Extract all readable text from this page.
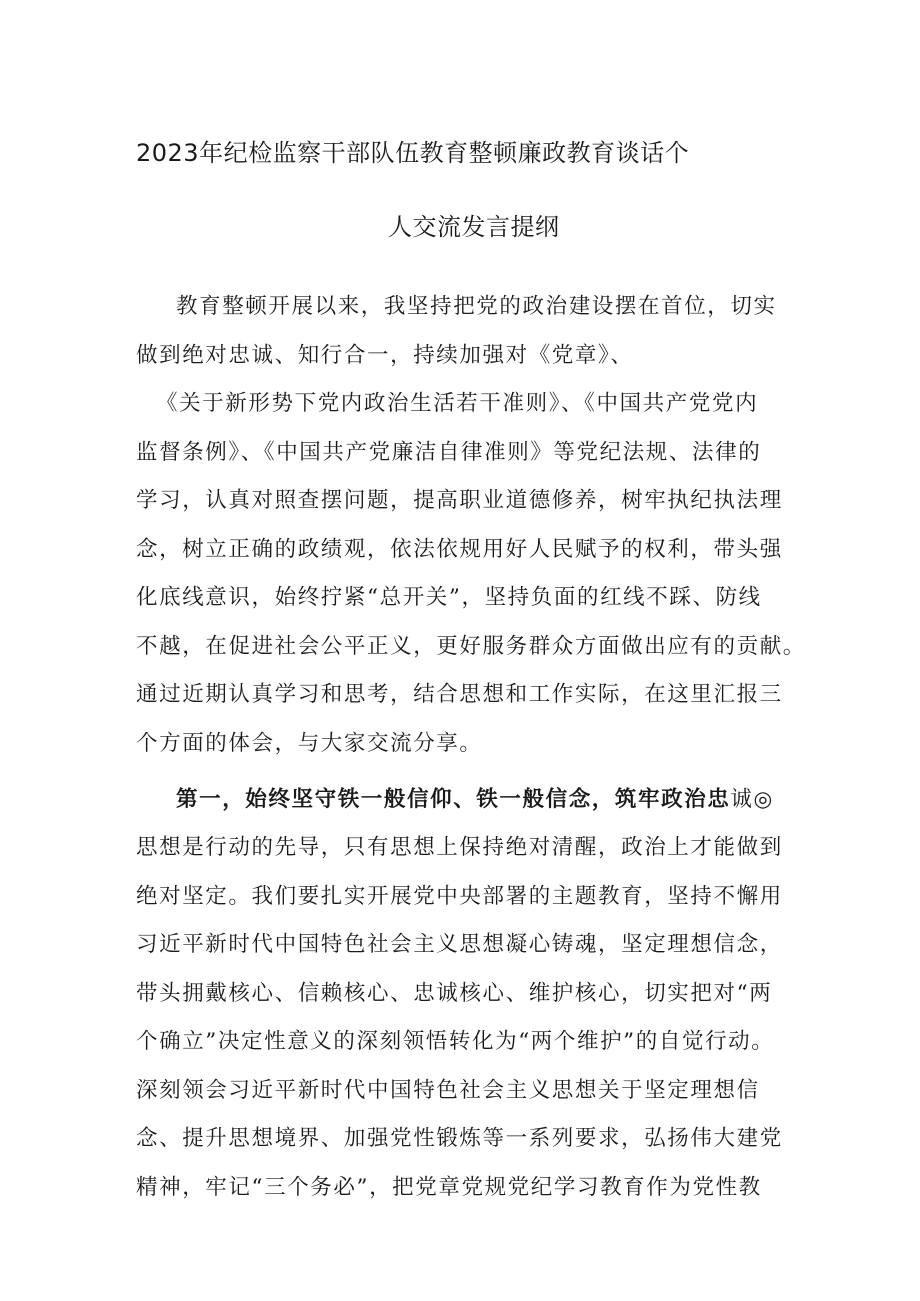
2023年纪检监察干部队伍教育整顿廉政教育谈话个
人交流发言提纲
教育整顿开展以来，我坚持把党的政治建设摆在首位，切实
做到绝对忠诚、知行合一，持续加强对《党章》、
《关于新形势下党内政治生活若干准则》、《中国共产党党内
监督条例》、《中国共产党廉洁自律准则》等党纪法规、法律的
学习，认真对照查摆问题，提高职业道德修养，树牢执纪执法理
念，树立正确的政绩观，依法依规用好人民赋予的权利，带头强
化底线意识，始终拧紧“总开关”，坚持负面的红线不踩、防线
不越，在促进社会公平正义，更好服务群众方面做出应有的贡献。
通过近期认真学习和思考，结合思想和工作实际，在这里汇报三
个方面的体会，与大家交流分享。
第一，始终坚守铁一般信仰、铁一般信念，筑牢政治忠诚◎
思想是行动的先导，只有思想上保持绝对清醒，政治上才能做到
绝对坚定。我们要扎实开展党中央部署的主题教育，坚持不懈用
习近平新时代中国特色社会主义思想凝心铸魂，坚定理想信念，
带头拥戴核心、信赖核心、忠诚核心、维护核心，切实把对“两
个确立”决定性意义的深刻领悟转化为“两个维护”的自觉行动。
深刻领会习近平新时代中国特色社会主义思想关于坚定理想信
念、提升思想境界、加强党性锻炼等一系列要求，弘扬伟大建党
精神，牢记“三个务必”，把党章党规党纪学习教育作为党性教
